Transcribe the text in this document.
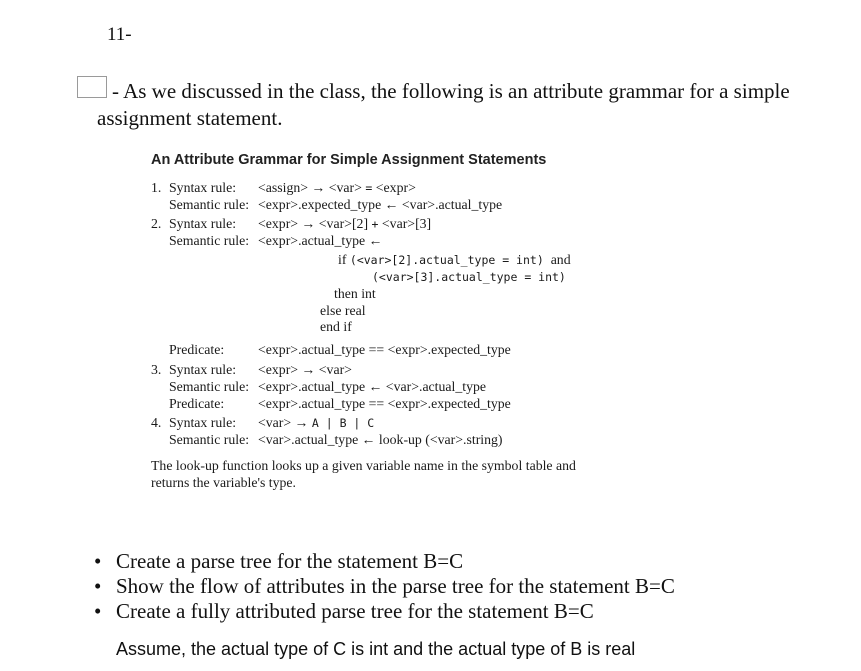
11-
- As we discussed in the class, the following is an attribute grammar for a simple
assignment statement.
An Attribute Grammar for Simple Assignment Statements
1. Syntax rule: <assign> → <var> = <expr>
Semantic rule: <expr>.expected_type ← <var>.actual_type
2. Syntax rule: <expr> → <var>[2] + <var>[3]
Semantic rule: <expr>.actual_type ←
if (<var>[2].actual_type = int) and
(<var>[3].actual_type = int)
then int
else real
end if
Predicate: <expr>.actual_type == <expr>.expected_type
3. Syntax rule: <expr> → <var>
Semantic rule: <expr>.actual_type ← <var>.actual_type
Predicate: <expr>.actual_type == <expr>.expected_type
4. Syntax rule: <var> → A | B | C
Semantic rule: <var>.actual_type ← look-up (<var>.string)
The look-up function looks up a given variable name in the symbol table and
returns the variable's type.
• Create a parse tree for the statement B=C
• Show the flow of attributes in the parse tree for the statement B=C
• Create a fully attributed parse tree for the statement B=C
Assume, the actual type of C is int and the actual type of B is real
